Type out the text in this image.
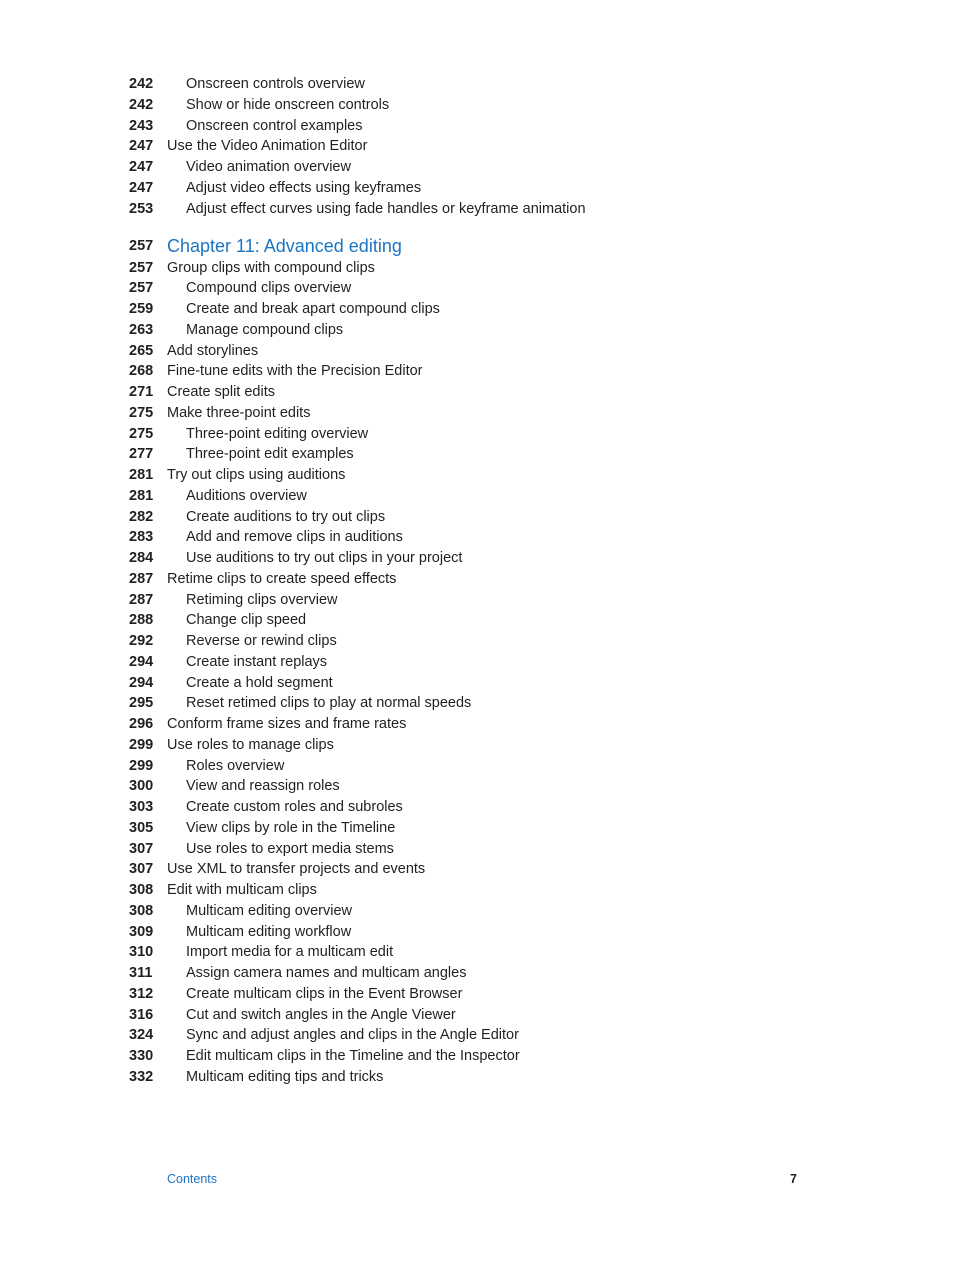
242	Onscreen controls overview
242	Show or hide onscreen controls
243	Onscreen control examples
247 Use the Video Animation Editor
247	Video animation overview
247	Adjust video effects using keyframes
253	Adjust effect curves using fade handles or keyframe animation
257 Chapter 11: Advanced editing
257 Group clips with compound clips
257	Compound clips overview
259	Create and break apart compound clips
263	Manage compound clips
265 Add storylines
268 Fine-tune edits with the Precision Editor
271 Create split edits
275 Make three-point edits
275	Three-point editing overview
277	Three-point edit examples
281 Try out clips using auditions
281	Auditions overview
282	Create auditions to try out clips
283	Add and remove clips in auditions
284	Use auditions to try out clips in your project
287 Retime clips to create speed effects
287	Retiming clips overview
288	Change clip speed
292	Reverse or rewind clips
294	Create instant replays
294	Create a hold segment
295	Reset retimed clips to play at normal speeds
296 Conform frame sizes and frame rates
299 Use roles to manage clips
299	Roles overview
300	View and reassign roles
303	Create custom roles and subroles
305	View clips by role in the Timeline
307	Use roles to export media stems
307 Use XML to transfer projects and events
308 Edit with multicam clips
308	Multicam editing overview
309	Multicam editing workflow
310	Import media for a multicam edit
311	Assign camera names and multicam angles
312	Create multicam clips in the Event Browser
316	Cut and switch angles in the Angle Viewer
324	Sync and adjust angles and clips in the Angle Editor
330	Edit multicam clips in the Timeline and the Inspector
332	Multicam editing tips and tricks
Contents	7
